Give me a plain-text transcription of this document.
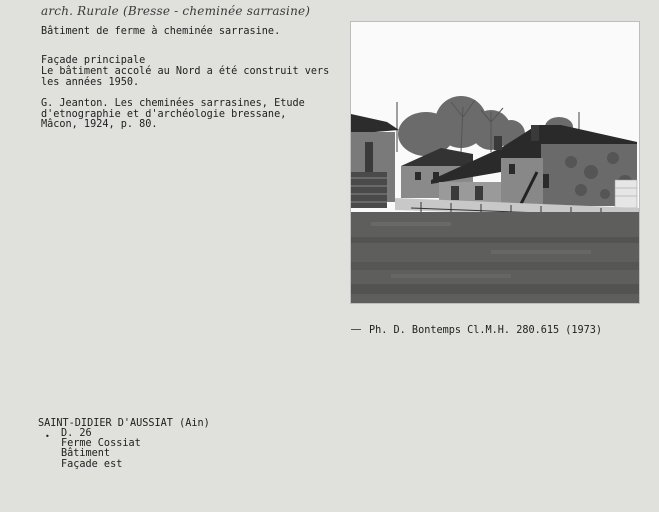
arch. Rurale (Bresse - cheminée sarrasine)
Bâtiment de ferme à cheminée sarrasine.
Façade principale
Le bâtiment accolé au Nord a été construit vers
les années 1950.
G. Jeanton. Les cheminées sarrasines, Etude
d'etnographie et d'archéologie bressane,
Mâcon, 1924, p. 80.
Ph. D. Bontemps Cl.M.H. 280.615 (1973)
SAINT-DIDIER D'AUSSIAT (Ain)
• D. 26
Ferme Cossiat
Bâtiment
Façade est
